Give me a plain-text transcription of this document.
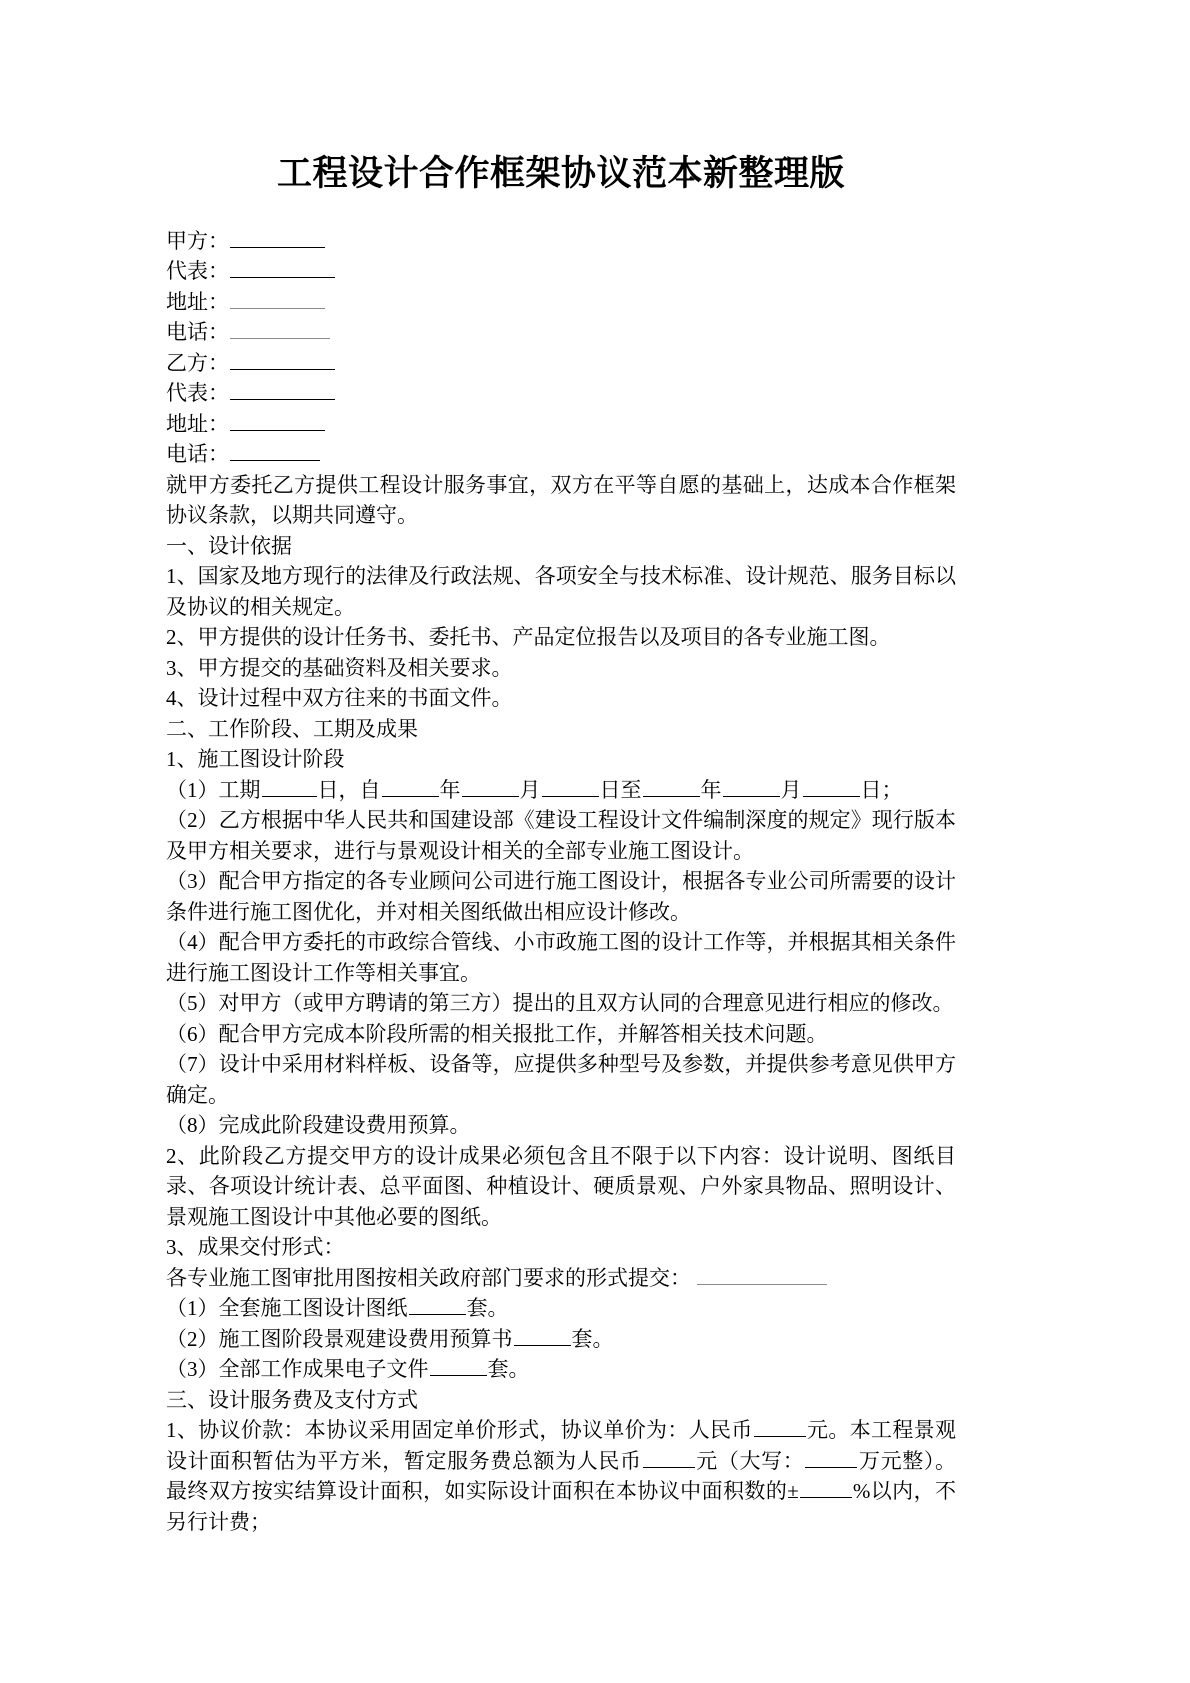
工程设计合作框架协议范本新整理版
甲方：
代表：
地址：
电话：
乙方：
代表：
地址：
电话：

就甲方委托乙方提供工程设计服务事宜，双方在平等自愿的基础上，达成本合作框架协议条款，以期共同遵守。

一、设计依据

1、国家及地方现行的法律及行政法规、各项安全与技术标准、设计规范、服务目标以及协议的相关规定。

2、甲方提供的设计任务书、委托书、产品定位报告以及项目的各专业施工图。

3、甲方提交的基础资料及相关要求。

4、设计过程中双方往来的书面文件。

二、工作阶段、工期及成果

1、施工图设计阶段

（1）工期	日，自	年	月	日至	年	月	日；

（2）乙方根据中华人民共和国建设部《建设工程设计文件编制深度的规定》现行版本及甲方相关要求，进行与景观设计相关的全部专业施工图设计。

（3）配合甲方指定的各专业顾问公司进行施工图设计，根据各专业公司所需要的设计条件进行施工图优化，并对相关图纸做出相应设计修改。

（4）配合甲方委托的市政综合管线、小市政施工图的设计工作等，并根据其相关条件进行施工图设计工作等相关事宜。

（5）对甲方（或甲方聘请的第三方）提出的且双方认同的合理意见进行相应的修改。

（6）配合甲方完成本阶段所需的相关报批工作，并解答相关技术问题。

（7）设计中采用材料样板、设备等，应提供多种型号及参数，并提供参考意见供甲方确定。

（8）完成此阶段建设费用预算。

2、此阶段乙方提交甲方的设计成果必须包含且不限于以下内容：设计说明、图纸目录、各项设计统计表、总平面图、种植设计、硬质景观、户外家具物品、照明设计、景观施工图设计中其他必要的图纸。

3、成果交付形式：

各专业施工图审批用图按相关政府部门要求的形式提交：

（1）全套施工图设计图纸	套。

（2）施工图阶段景观建设费用预算书	套。

（3）全部工作成果电子文件	套。

三、设计服务费及支付方式

1、协议价款：本协议采用固定单价形式，协议单价为：人民币	元。本工程景观设计面积暂估为平方米，暂定服务费总额为人民币	元（大写：	万元整）。最终双方按实结算设计面积，如实际设计面积在本协议中面积数的±	%以内，不另行计费；
